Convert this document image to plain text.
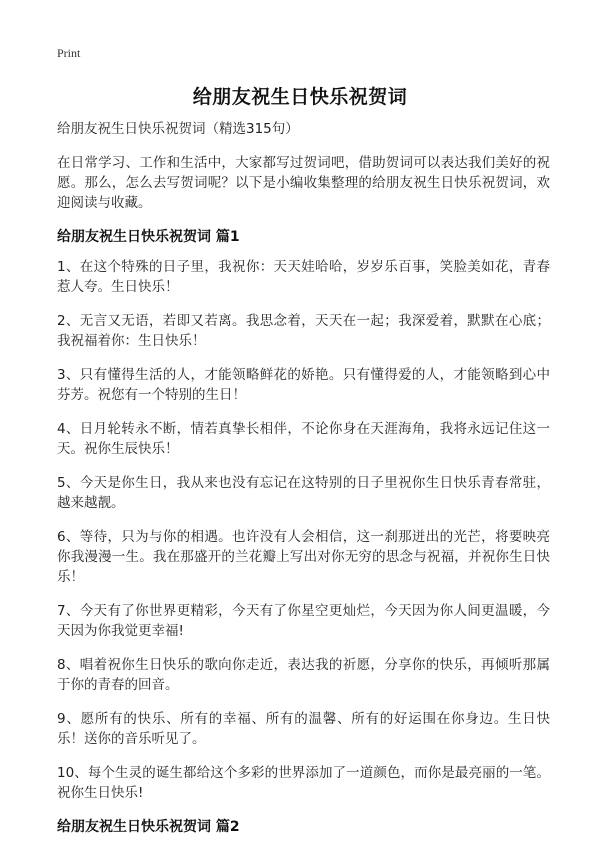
Print
给朋友祝生日快乐祝贺词

给朋友祝生日快乐祝贺词（精选315句）

在日常学习、工作和生活中，大家都写过贺词吧，借助贺词可以表达我们美好的祝愿。那么，怎么去写贺词呢？以下是小编收集整理的给朋友祝生日快乐祝贺词，欢迎阅读与收藏。

给朋友祝生日快乐祝贺词 篇1

1、在这个特殊的日子里，我祝你：天天娃哈哈，岁岁乐百事，笑脸美如花，青春惹人夸。生日快乐！

2、无言又无语，若即又若离。我思念着，天天在一起；我深爱着，默默在心底；我祝福着你：生日快乐！

3、只有懂得生活的人，才能领略鲜花的娇艳。只有懂得爱的人，才能领略到心中芬芳。祝您有一个特别的生日！

4、日月轮转永不断，情若真挚长相伴，不论你身在天涯海角，我将永远记住这一天。祝你生辰快乐！

5、今天是你生日，我从来也没有忘记在这特别的日子里祝你生日快乐青春常驻，越来越靓。

6、等待，只为与你的相遇。也许没有人会相信，这一刹那迸出的光芒，将要映亮你我漫漫一生。我在那盛开的兰花瓣上写出对你无穷的思念与祝福，并祝你生日快乐！

7、今天有了你世界更精彩，今天有了你星空更灿烂，今天因为你人间更温暖，今天因为你我觉更幸福!

8、唱着祝你生日快乐的歌向你走近，表达我的祈愿，分享你的快乐，再倾听那属于你的青春的回音。

9、愿所有的快乐、所有的幸福、所有的温馨、所有的好运围在你身边。生日快乐！送你的音乐听见了。

10、每个生灵的诞生都给这个多彩的世界添加了一道颜色，而你是最亮丽的一笔。祝你生日快乐!

给朋友祝生日快乐祝贺词 篇2
